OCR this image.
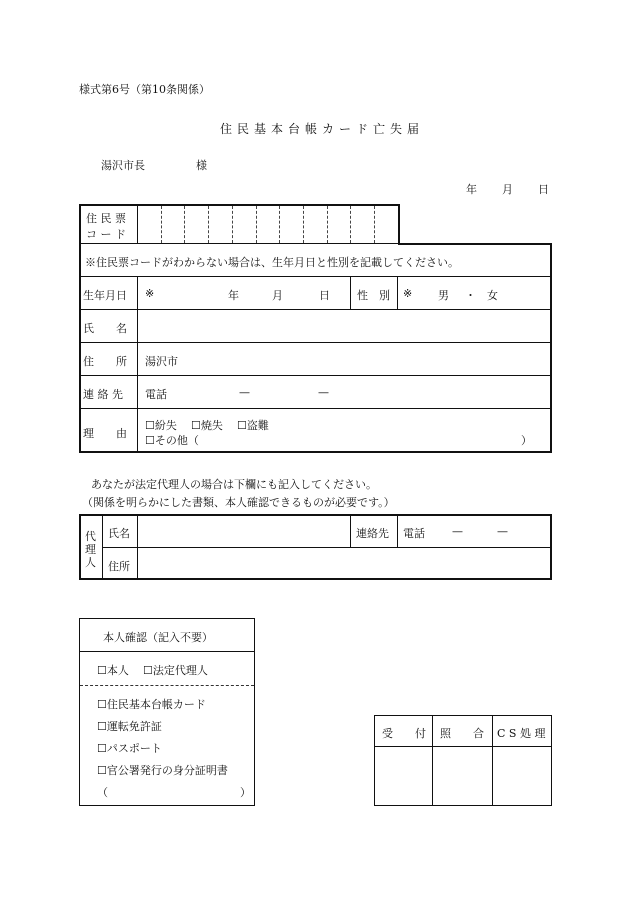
様式第6号（第10条関係）
住民基本台帳カード亡失届
湯沢市長	様
年 月 日
住 民 票
コ ー ド
※住民票コードがわからない場合は、生年月日と性別を記載してください。
生年月日 ※	年	月	日 性　別 ※ 男 ・ 女
氏　　名
住　　所 湯沢市
連 絡 先 電話	—	—
理　　由
☐紛失 ☐焼失 ☐盗難
☐その他（	）
あなたが法定代理人の場合は下欄にも記入してください。
（関係を明らかにした書類、本人確認できるものが必要です。）
代
理
人
氏名	連絡先 電話 —	—
住所
本人確認（記入不要）
☐本人 ☐法定代理人
☐住民基本台帳カード
☐運転免許証
☐パスポート
☐官公署発行の身分証明書
（	）
受　　付 照　　合 C S 処 理
